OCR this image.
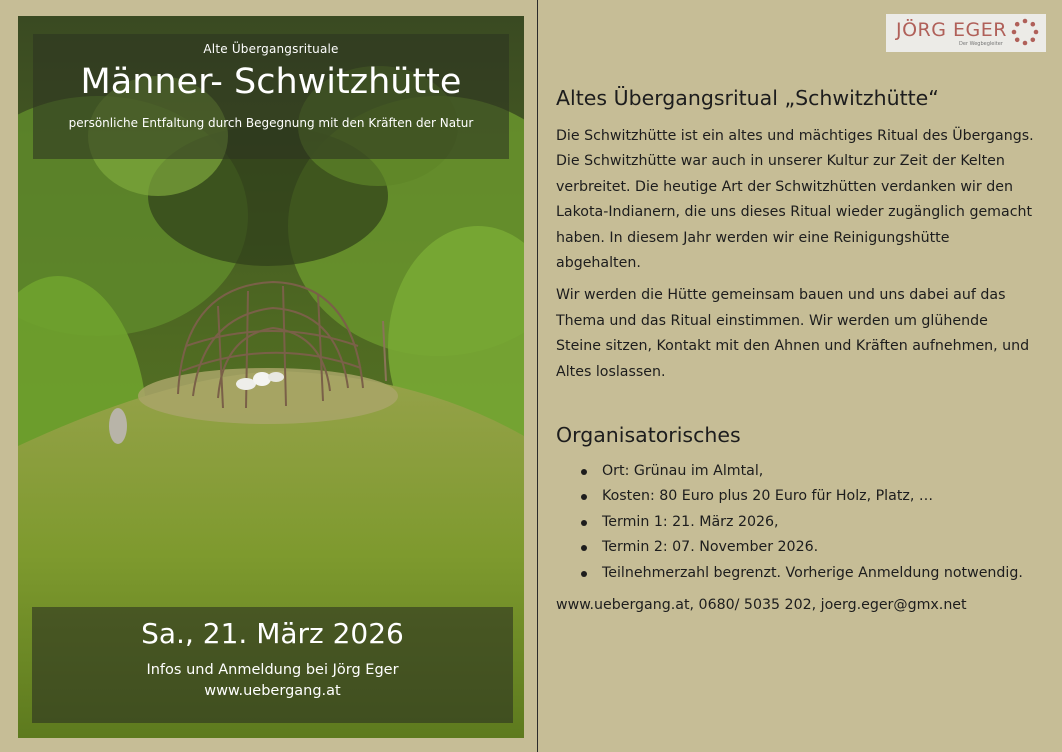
Alte Übergangsrituale
Männer- Schwitzhütte
persönliche Entfaltung durch Begegnung mit den Kräften der Natur
Sa., 21. März 2026
Infos und Anmeldung bei Jörg Eger
www.uebergang.at
JÖRG EGER
Der Wegbegleiter
Altes Übergangsritual „Schwitzhütte“

Die Schwitzhütte ist ein altes und mächtiges Ritual des Übergangs. Die Schwitzhütte war auch in unserer Kultur zur Zeit der Kelten verbreitet. Die heutige Art der Schwitzhütten verdanken wir den Lakota-Indianern, die uns dieses Ritual wieder zugänglich gemacht haben. In diesem Jahr werden wir eine Reinigungshütte abgehalten.

Wir werden die Hütte gemeinsam bauen und uns dabei auf das Thema und das Ritual einstimmen. Wir werden um glühende Steine sitzen, Kontakt mit den Ahnen und Kräften aufnehmen, und Altes loslassen.

Organisatorisches
Ort: Grünau im Almtal,
Kosten: 80 Euro plus 20 Euro für Holz, Platz, …
Termin 1: 21. März 2026,
Termin 2: 07. November 2026.
Teilnehmerzahl begrenzt. Vorherige Anmeldung notwendig.
www.uebergang.at, 0680/ 5035 202, joerg.eger@gmx.net
